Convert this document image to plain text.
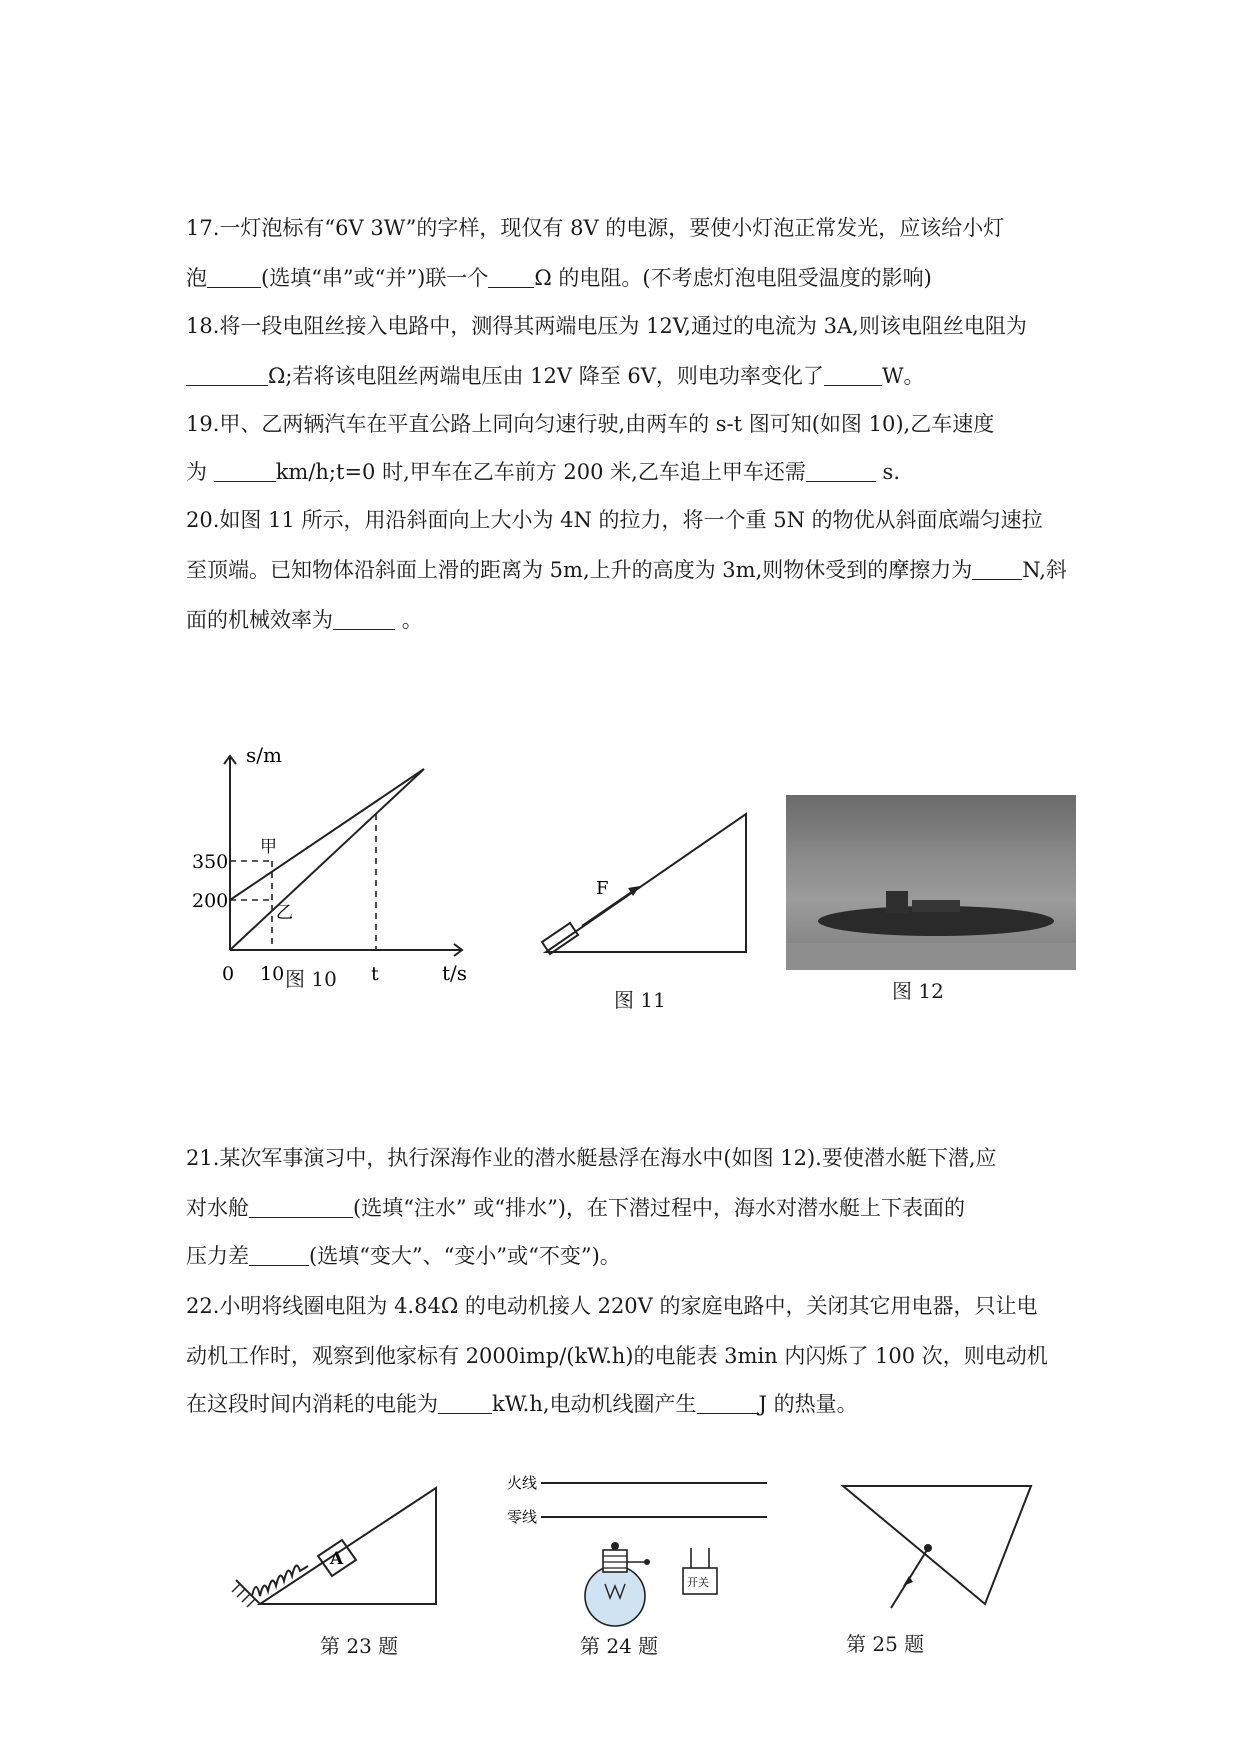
17.一灯泡标有“6V 3W”的字样，现仅有 8V 的电源，要使小灯泡正常发光，应该给小灯
泡	(选填“串”或“并”)联一个 Ω 的电阻。(不考虑灯泡电阻受温度的影响)
18.将一段电阻丝接入电路中，测得其两端电压为 12V,通过的电流为 3A,则该电阻丝电阻为
Ω;若将该电阻丝两端电压由 12V 降至 6V，则电功率变化了	W。
19.甲、乙两辆汽车在平直公路上同向匀速行驶,由两车的 s-t 图可知(如图 10),乙车速度
为	km/h;t=0 时,甲车在乙车前方 200 米,乙车追上甲车还需	s.
20.如图 11 所示，用沿斜面向上大小为 4N 的拉力，将一个重 5N 的物优从斜面底端匀速拉
至顶端。已知物体沿斜面上滑的距离为 5m,上升的高度为 3m,则物休受到的摩擦力为 N,斜
面的机械效率为	。
s/m
t/s
350
200
0 10	t
甲
乙
图 10
F
图 11	图 12
21.某次军事演习中，执行深海作业的潜水艇悬浮在海水中(如图 12).要使潜水艇下潜,应
对水舱	(选填“注水” 或“排水”)，在下潜过程中，海水对潜水艇上下表面的
压力差	(选填“变大”、“变小”或“不变”)。
22.小明将线圈电阻为 4.84Ω 的电动机接人 220V 的家庭电路中，关闭其它用电器，只让电
动机工作时，观察到他家标有 2000imp/(kW.h)的电能表 3min 内闪烁了 100 次，则电动机
在这段时间内消耗的电能为	kW.h,电动机线圈产生	J 的热量。
A
第 23 题
火线
零线
开关
第 24 题	第 25 题
